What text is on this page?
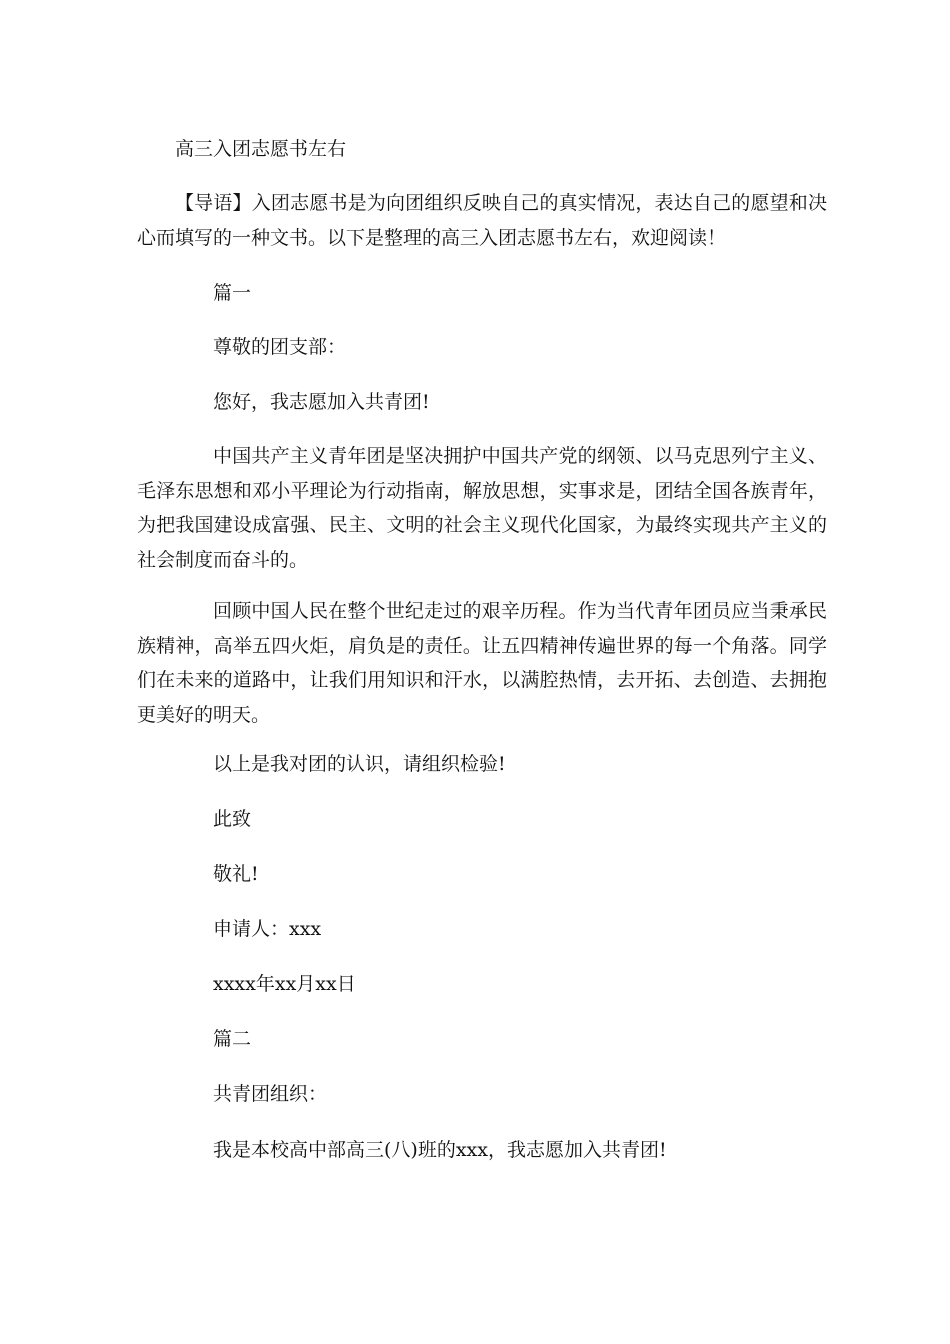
高三入团志愿书左右
【导语】入团志愿书是为向团组织反映自己的真实情况，表达自己的愿望和决心而填写的一种文书。以下是整理的高三入团志愿书左右，欢迎阅读！
篇一
尊敬的团支部：
您好，我志愿加入共青团!
中国共产主义青年团是坚决拥护中国共产党的纲领、以马克思列宁主义、毛泽东思想和邓小平理论为行动指南，解放思想，实事求是，团结全国各族青年，为把我国建设成富强、民主、文明的社会主义现代化国家，为最终实现共产主义的社会制度而奋斗的。
回顾中国人民在整个世纪走过的艰辛历程。作为当代青年团员应当秉承民族精神，高举五四火炬，肩负是的责任。让五四精神传遍世界的每一个角落。同学们在未来的道路中，让我们用知识和汗水，以满腔热情，去开拓、去创造、去拥抱更美好的明天。
以上是我对团的认识，请组织检验!
此致
敬礼!
申请人：xxx
xxxx年xx月xx日
篇二
共青团组织：
我是本校高中部高三(八)班的xxx，我志愿加入共青团!
